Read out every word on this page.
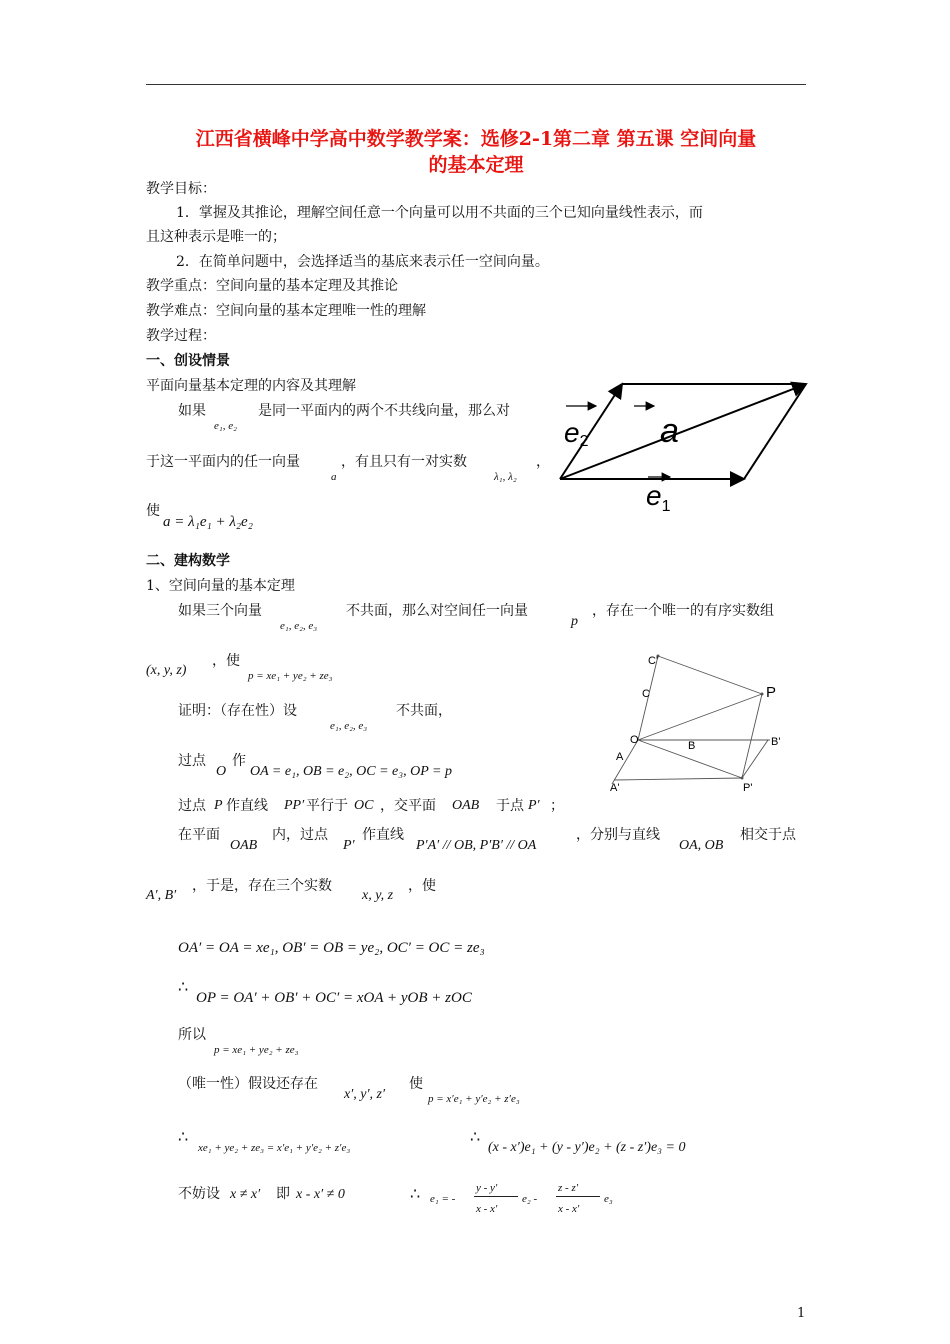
江西省横峰中学高中数学教学案：选修2-1第二章 第五课 空间向量
的基本定理
教学目标：
1．掌握及其推论，理解空间任意一个向量可以用不共面的三个已知向量线性表示，而
且这种表示是唯一的；
2．在简单问题中，会选择适当的基底来表示任一空间向量。
教学重点：空间向量的基本定理及其推论
教学难点：空间向量的基本定理唯一性的理解
教学过程：
一、创设情景
平面向量基本定理的内容及其理解
如果
e₁, e₂
是同一平面内的两个不共线向量，那么对
于这一平面内的任一向量
a
，有且只有一对实数
λ₁, λ₂
，
使
a = λ₁e₁ + λ₂e₂
e2 a
$e_1$
二、建构数学
1、空间向量的基本定理
如果三个向量
e₁, e₂, e₃
不共面，那么对空间任一向量
p
，存在一个唯一的有序实数组
(x, y, z)
，使
p = xe₁ + ye₂ + ze₃
证明：（存在性）设
e₁, e₂, e₃
不共面，
过点
O
作
OA = e₁, OB = e₂, OC = e₃, OP = p
过点 P 作直线 PP′ 平行于 OC ，交平面 OAB 于点 P′ ；
在平面
OAB
内，过点
P′
作直线
P′A′ // OB, P′B′ // OA
，分别与直线
OA, OB
相交于点
A′, B′
，于是，存在三个实数
x, y, z
，使
OA′ = OA = xe₁, OB′ = OB = ye₂, OC′ = OC = ze₃
∴
OP = OA′ + OB′ + OC′ = xOA + yOB + zOC
所以
p = xe₁ + ye₂ + ze₃
（唯一性）假设还存在
x′, y′, z′
使
p = x′e₁ + y′e₂ + z′e₃
∴
xe₁ + ye₂ + ze₃ = x′e₁ + y′e₂ + z′e₃
∴
(x - x′)e₁ + (y - y′)e₂ + (z - z′)e₃ = 0
不妨设 x ≠ x′ 即 x - x′ ≠ 0	∴ e₁ = -
y - y′
x - x′
e₂ -
z - z′
x - x′
e₃
C'
C	P
O	B	B'
A
A'	P'
1
